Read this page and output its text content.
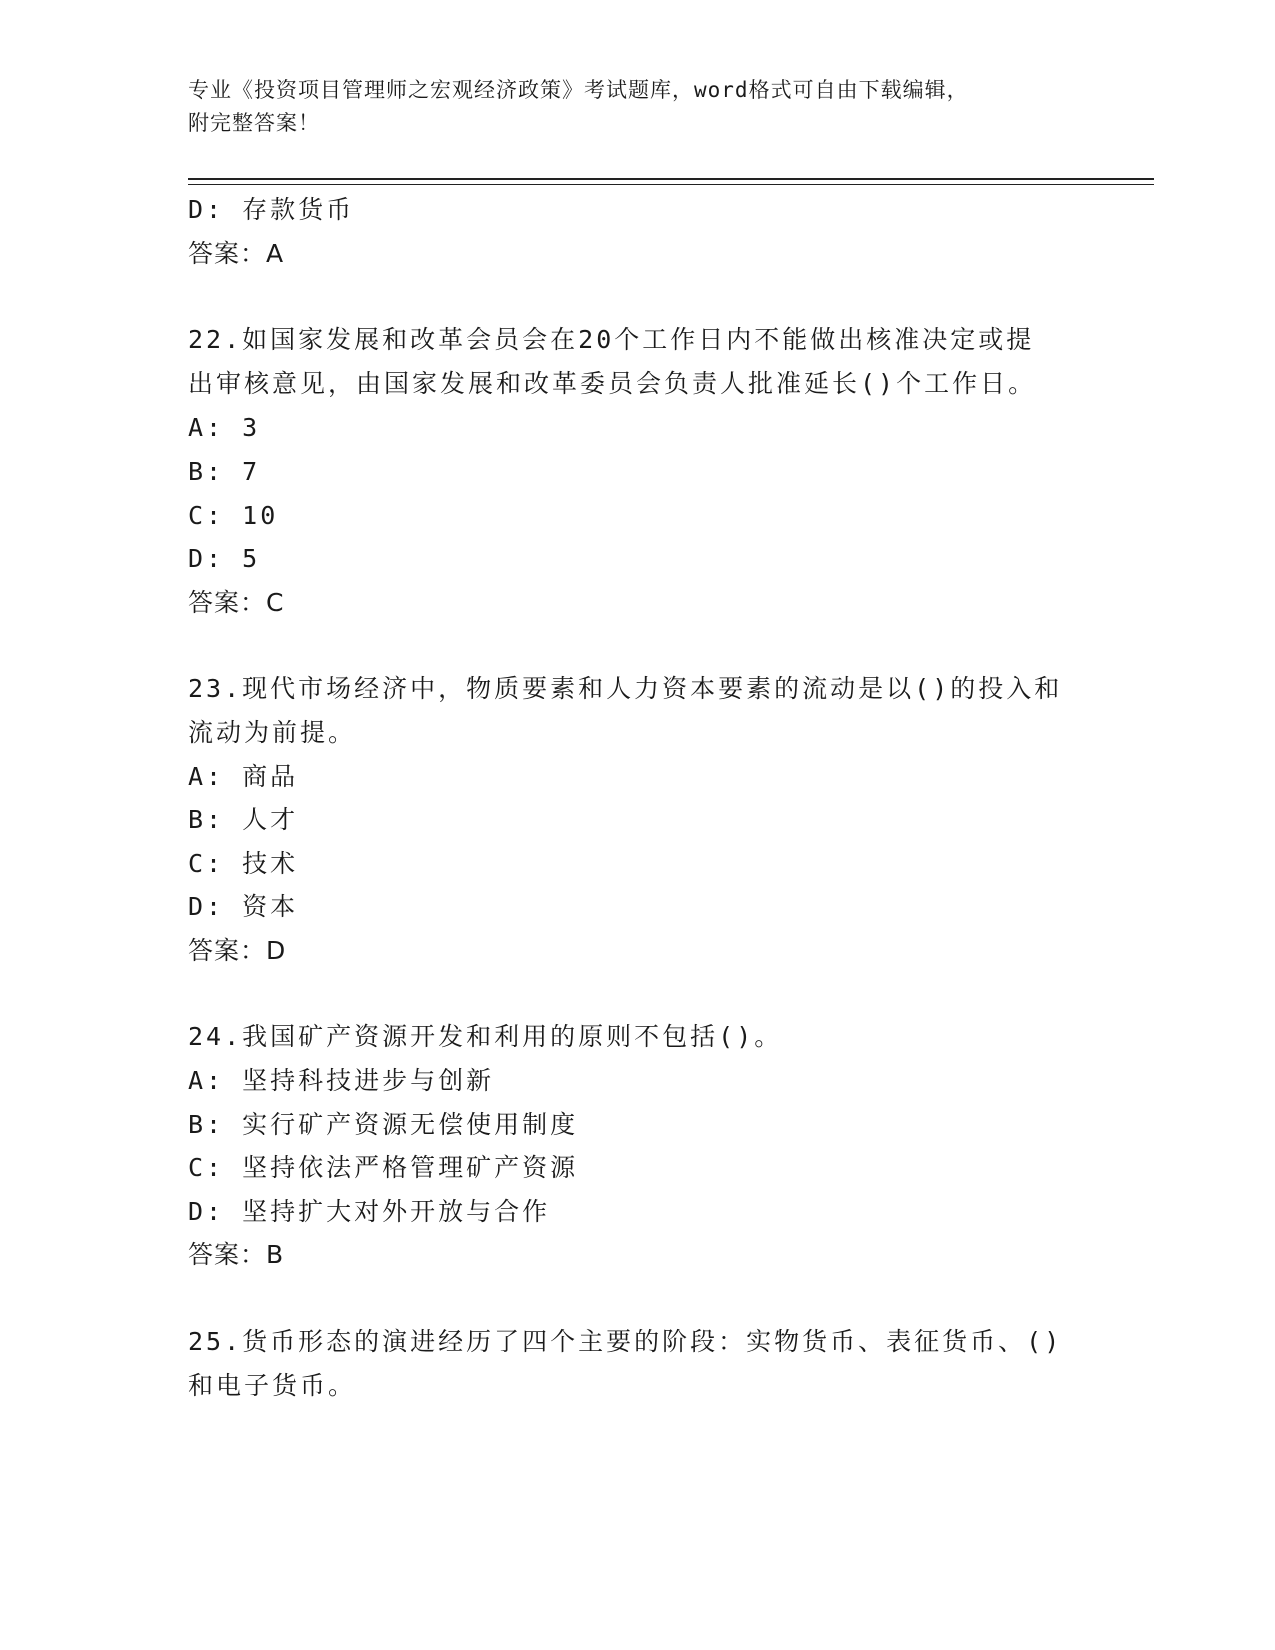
专业《投资项目管理师之宏观经济政策》考试题库，word格式可自由下载编辑，
附完整答案！
D: 存款货币
答案：A
22.如国家发展和改革会员会在20个工作日内不能做出核准决定或提
出审核意见，由国家发展和改革委员会负责人批准延长()个工作日。
A: 3
B: 7
C: 10
D: 5
答案：C
23.现代市场经济中，物质要素和人力资本要素的流动是以()的投入和
流动为前提。
A: 商品
B: 人才
C: 技术
D: 资本
答案：D
24.我国矿产资源开发和利用的原则不包括()。
A: 坚持科技进步与创新
B: 实行矿产资源无偿使用制度
C: 坚持依法严格管理矿产资源
D: 坚持扩大对外开放与合作
答案：B
25.货币形态的演进经历了四个主要的阶段：实物货币、表征货币、()
和电子货币。
